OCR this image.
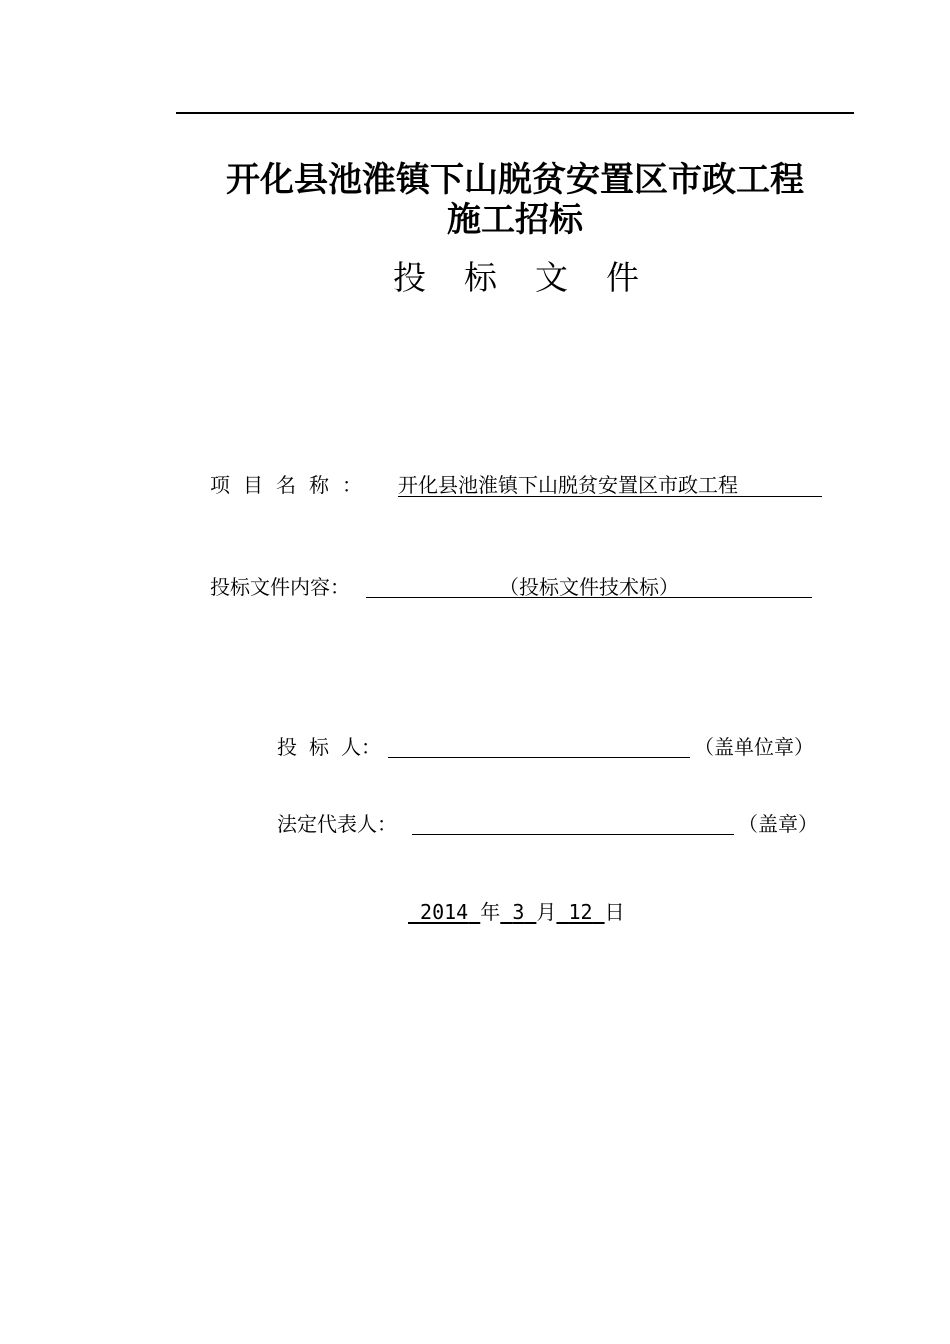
开化县池淮镇下山脱贫安置区市政工程
施工招标
投标文件
项目名称： 开化县池淮镇下山脱贫安置区市政工程
投标文件内容：	（投标文件技术标）
投 标 人：	（盖单位章）
法定代表人：	（盖章）
2014 年 3 月 12 日
